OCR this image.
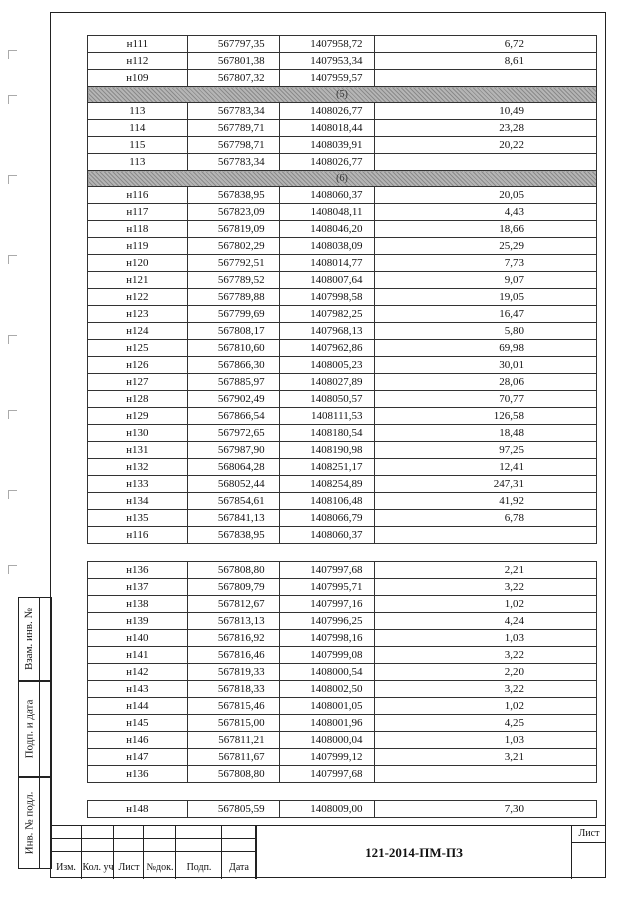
Взам. инв. №
Подп. и дата
Инв. № подл.
н111	567797,35	1407958,72	6,72
н112	567801,38	1407953,34	8,61
н109	567807,32	1407959,57	
(5)			
113	567783,34	1408026,77	10,49
114	567789,71	1408018,44	23,28
115	567798,71	1408039,91	20,22
113	567783,34	1408026,77	
(6)			
н116	567838,95	1408060,37	20,05
н117	567823,09	1408048,11	4,43
н118	567819,09	1408046,20	18,66
н119	567802,29	1408038,09	25,29
н120	567792,51	1408014,77	7,73
н121	567789,52	1408007,64	9,07
н122	567789,88	1407998,58	19,05
н123	567799,69	1407982,25	16,47
н124	567808,17	1407968,13	5,80
н125	567810,60	1407962,86	69,98
н126	567866,30	1408005,23	30,01
н127	567885,97	1408027,89	28,06
н128	567902,49	1408050,57	70,77
н129	567866,54	1408111,53	126,58
н130	567972,65	1408180,54	18,48
н131	567987,90	1408190,98	97,25
н132	568064,28	1408251,17	12,41
н133	568052,44	1408254,89	247,31
н134	567854,61	1408106,48	41,92
н135	567841,13	1408066,79	6,78
н116	567838,95	1408060,37	

н136	567808,80	1407997,68	2,21
н137	567809,79	1407995,71	3,22
н138	567812,67	1407997,16	1,02
н139	567813,13	1407996,25	4,24
н140	567816,92	1407998,16	1,03
н141	567816,46	1407999,08	3,22
н142	567819,33	1408000,54	2,20
н143	567818,33	1408002,50	3,22
н144	567815,46	1408001,05	1,02
н145	567815,00	1408001,96	4,25
н146	567811,21	1408000,04	1,03
н147	567811,67	1407999,12	3,21
н136	567808,80	1407997,68	

н148	567805,59	1408009,00	7,30
Изм. Кол. уч Лист №док.	Подп.	Дата
121-2014-ПМ-ПЗ
Лист
